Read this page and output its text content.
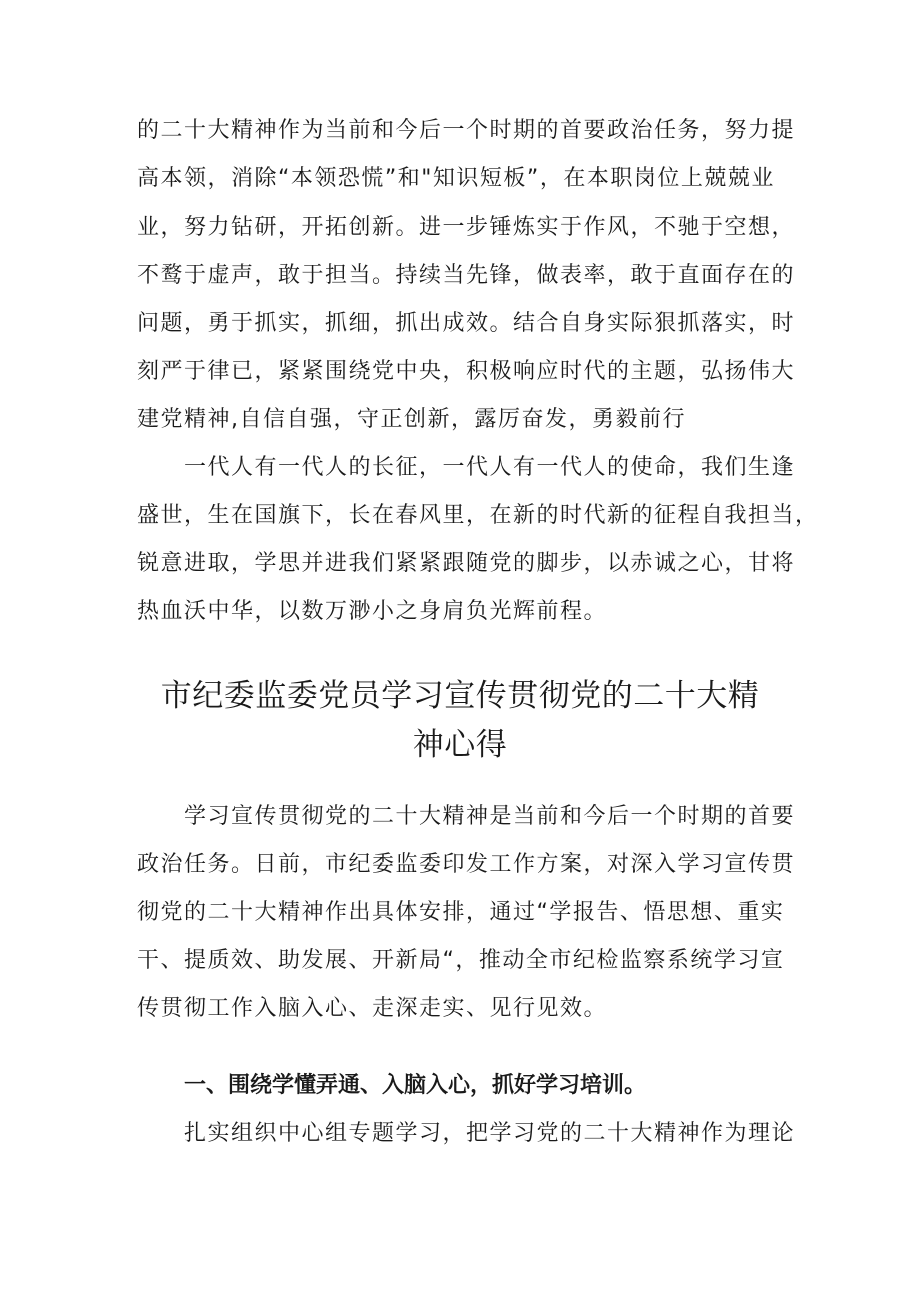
的二十大精神作为当前和今后一个时期的首要政治任务，努力提
高本领，消除“本领恐慌”和"知识短板”，在本职岗位上兢兢业
业，努力钻研，开拓创新。进一步锤炼实于作风，不驰于空想，
不鹜于虚声，敢于担当。持续当先锋，做表率，敢于直面存在的
问题，勇于抓实，抓细，抓出成效。结合自身实际狠抓落实，时
刻严于律已，紧紧围绕党中央，积极响应时代的主题，弘扬伟大
建党精神,自信自强，守正创新，露厉奋发，勇毅前行
一代人有一代人的长征，一代人有一代人的使命，我们生逢
盛世，生在国旗下，长在春风里，在新的时代新的征程自我担当，
锐意进取，学思并进我们紧紧跟随党的脚步，以赤诚之心，甘将
热血沃中华，以数万渺小之身肩负光辉前程。
市纪委监委党员学习宣传贯彻党的二十大精
神心得
学习宣传贯彻党的二十大精神是当前和今后一个时期的首要
政治任务。日前，市纪委监委印发工作方案，对深入学习宣传贯
彻党的二十大精神作出具体安排，通过“学报告、悟思想、重实
干、提质效、助发展、开新局“，推动全市纪检监察系统学习宣
传贯彻工作入脑入心、走深走实、见行见效。
一、围绕学懂弄通、入脑入心，抓好学习培训。
扎实组织中心组专题学习，把学习党的二十大精神作为理论
